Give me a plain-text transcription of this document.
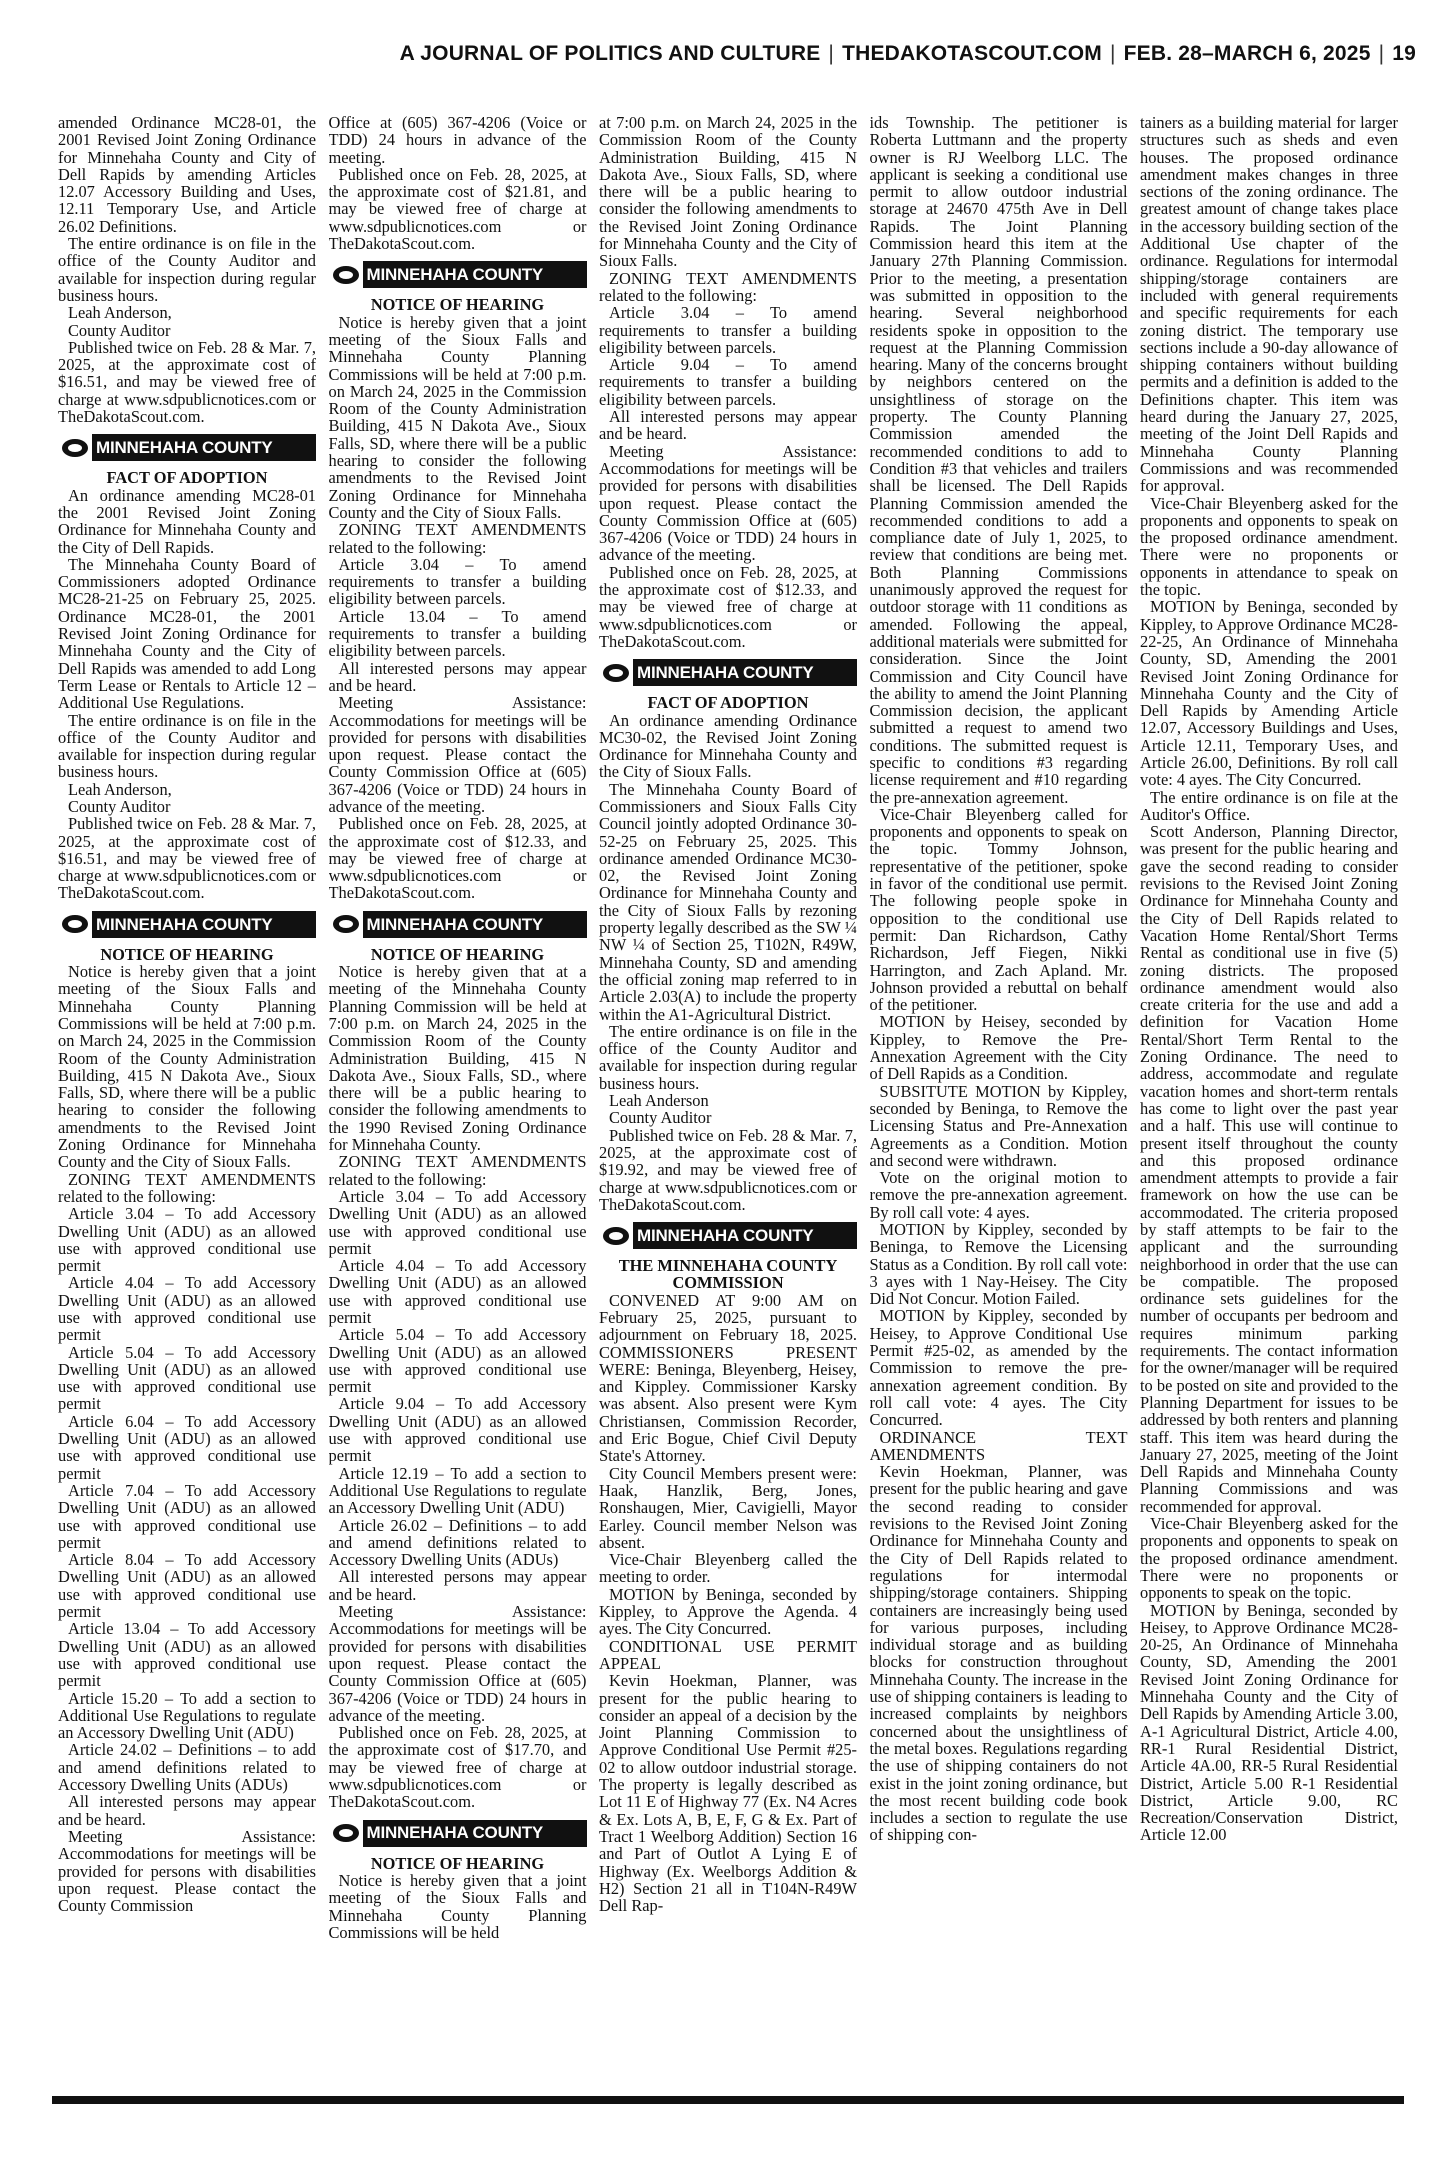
A JOURNAL OF POLITICS AND CULTURE | THEDAKOTASCOUT.COM | FEB. 28–MARCH 6, 2025 | 19

amended Ordinance MC28-01, the 2001 Revised Joint Zoning Ordinance for Minnehaha County and City of Dell Rapids by amending Articles 12.07 Accessory Building and Uses, 12.11 Temporary Use, and Article 26.02 Definitions.

The entire ordinance is on file in the office of the County Auditor and available for inspection during regular business hours.

Leah Anderson,

County Auditor

Published twice on Feb. 28 & Mar. 7, 2025, at the approximate cost of $16.51, and may be viewed free of charge at www.sdpublicnotices.com or TheDakotaScout.com.

MINNEHAHA COUNTY

FACT OF ADOPTION

An ordinance amending MC28-01 the 2001 Revised Joint Zoning Ordinance for Minnehaha County and the City of Dell Rapids.

The Minnehaha County Board of Commissioners adopted Ordinance MC28-21-25 on February 25, 2025. Ordinance MC28-01, the 2001 Revised Joint Zoning Ordinance for Minnehaha County and the City of Dell Rapids was amended to add Long Term Lease or Rentals to Article 12 – Additional Use Regulations.

The entire ordinance is on file in the office of the County Auditor and available for inspection during regular business hours.

Leah Anderson,

County Auditor

Published twice on Feb. 28 & Mar. 7, 2025, at the approximate cost of $16.51, and may be viewed free of charge at www.sdpublicnotices.com or TheDakotaScout.com.

MINNEHAHA COUNTY

NOTICE OF HEARING

Notice is hereby given that a joint meeting of the Sioux Falls and Minnehaha County Planning Commissions will be held at 7:00 p.m. on March 24, 2025 in the Commission Room of the County Administration Building, 415 N Dakota Ave., Sioux Falls, SD, where there will be a public hearing to consider the following amendments to the Revised Joint Zoning Ordinance for Minnehaha County and the City of Sioux Falls.

ZONING TEXT AMENDMENTS related to the following:

Article 3.04 – To add Accessory Dwelling Unit (ADU) as an allowed use with approved conditional use permit

Article 4.04 – To add Accessory Dwelling Unit (ADU) as an allowed use with approved conditional use permit

Article 5.04 – To add Accessory Dwelling Unit (ADU) as an allowed use with approved conditional use permit

Article 6.04 – To add Accessory Dwelling Unit (ADU) as an allowed use with approved conditional use permit

Article 7.04 – To add Accessory Dwelling Unit (ADU) as an allowed use with approved conditional use permit

Article 8.04 – To add Accessory Dwelling Unit (ADU) as an allowed use with approved conditional use permit

Article 13.04 – To add Accessory Dwelling Unit (ADU) as an allowed use with approved conditional use permit

Article 15.20 – To add a section to Additional Use Regulations to regulate an Accessory Dwelling Unit (ADU)

Article 24.02 – Definitions – to add and amend definitions related to Accessory Dwelling Units (ADUs)

All interested persons may appear and be heard.

Meeting Assistance: Accommodations for meetings will be provided for persons with disabilities upon request. Please contact the County Commission

Office at (605) 367-4206 (Voice or TDD) 24 hours in advance of the meeting.

Published once on Feb. 28, 2025, at the approximate cost of $21.81, and may be viewed free of charge at www.sdpublicnotices.com or TheDakotaScout.com.

MINNEHAHA COUNTY

NOTICE OF HEARING

Notice is hereby given that a joint meeting of the Sioux Falls and Minnehaha County Planning Commissions will be held at 7:00 p.m. on March 24, 2025 in the Commission Room of the County Administration Building, 415 N Dakota Ave., Sioux Falls, SD, where there will be a public hearing to consider the following amendments to the Revised Joint Zoning Ordinance for Minnehaha County and the City of Sioux Falls.

ZONING TEXT AMENDMENTS related to the following:

Article 3.04 – To amend requirements to transfer a building eligibility between parcels.

Article 13.04 – To amend requirements to transfer a building eligibility between parcels.

All interested persons may appear and be heard.

Meeting Assistance: Accommodations for meetings will be provided for persons with disabilities upon request. Please contact the County Commission Office at (605) 367-4206 (Voice or TDD) 24 hours in advance of the meeting.

Published once on Feb. 28, 2025, at the approximate cost of $12.33, and may be viewed free of charge at www.sdpublicnotices.com or TheDakotaScout.com.

MINNEHAHA COUNTY

NOTICE OF HEARING

Notice is hereby given that at a meeting of the Minnehaha County Planning Commission will be held at 7:00 p.m. on March 24, 2025 in the Commission Room of the County Administration Building, 415 N Dakota Ave., Sioux Falls, SD., where there will be a public hearing to consider the following amendments to the 1990 Revised Zoning Ordinance for Minnehaha County.

ZONING TEXT AMENDMENTS related to the following:

Article 3.04 – To add Accessory Dwelling Unit (ADU) as an allowed use with approved conditional use permit

Article 4.04 – To add Accessory Dwelling Unit (ADU) as an allowed use with approved conditional use permit

Article 5.04 – To add Accessory Dwelling Unit (ADU) as an allowed use with approved conditional use permit

Article 9.04 – To add Accessory Dwelling Unit (ADU) as an allowed use with approved conditional use permit

Article 12.19 – To add a section to Additional Use Regulations to regulate an Accessory Dwelling Unit (ADU)

Article 26.02 – Definitions – to add and amend definitions related to Accessory Dwelling Units (ADUs)

All interested persons may appear and be heard.

Meeting Assistance: Accommodations for meetings will be provided for persons with disabilities upon request. Please contact the County Commission Office at (605) 367-4206 (Voice or TDD) 24 hours in advance of the meeting.

Published once on Feb. 28, 2025, at the approximate cost of $17.70, and may be viewed free of charge at www.sdpublicnotices.com or TheDakotaScout.com.

MINNEHAHA COUNTY

NOTICE OF HEARING

Notice is hereby given that a joint meeting of the Sioux Falls and Minnehaha County Planning Commissions will be held

at 7:00 p.m. on March 24, 2025 in the Commission Room of the County Administration Building, 415 N Dakota Ave., Sioux Falls, SD, where there will be a public hearing to consider the following amendments to the Revised Joint Zoning Ordinance for Minnehaha County and the City of Sioux Falls.

ZONING TEXT AMENDMENTS related to the following:

Article 3.04 – To amend requirements to transfer a building eligibility between parcels.

Article 9.04 – To amend requirements to transfer a building eligibility between parcels.

All interested persons may appear and be heard.

Meeting Assistance: Accommodations for meetings will be provided for persons with disabilities upon request. Please contact the County Commission Office at (605) 367-4206 (Voice or TDD) 24 hours in advance of the meeting.

Published once on Feb. 28, 2025, at the approximate cost of $12.33, and may be viewed free of charge at www.sdpublicnotices.com or TheDakotaScout.com.

MINNEHAHA COUNTY

FACT OF ADOPTION

An ordinance amending Ordinance MC30-02, the Revised Joint Zoning Ordinance for Minnehaha County and the City of Sioux Falls.

The Minnehaha County Board of Commissioners and Sioux Falls City Council jointly adopted Ordinance 30-52-25 on February 25, 2025. This ordinance amended Ordinance MC30-02, the Revised Joint Zoning Ordinance for Minnehaha County and the City of Sioux Falls by rezoning property legally described as the SW ¼ NW ¼ of Section 25, T102N, R49W, Minnehaha County, SD and amending the official zoning map referred to in Article 2.03(A) to include the property within the A1-Agricultural District.

The entire ordinance is on file in the office of the County Auditor and available for inspection during regular business hours.

Leah Anderson

County Auditor

Published twice on Feb. 28 & Mar. 7, 2025, at the approximate cost of $19.92, and may be viewed free of charge at www.sdpublicnotices.com or TheDakotaScout.com.

MINNEHAHA COUNTY

THE MINNEHAHA COUNTY COMMISSION

CONVENED AT 9:00 AM on February 25, 2025, pursuant to adjournment on February 18, 2025. COMMISSIONERS PRESENT WERE: Beninga, Bleyenberg, Heisey, and Kippley. Commissioner Karsky was absent. Also present were Kym Christiansen, Commission Recorder, and Eric Bogue, Chief Civil Deputy State's Attorney.

City Council Members present were: Haak, Hanzlik, Berg, Jones, Ronshaugen, Mier, Cavigielli, Mayor Earley. Council member Nelson was absent.

Vice-Chair Bleyenberg called the meeting to order.

MOTION by Beninga, seconded by Kippley, to Approve the Agenda. 4 ayes. The City Concurred.

CONDITIONAL USE PERMIT APPEAL

Kevin Hoekman, Planner, was present for the public hearing to consider an appeal of a decision by the Joint Planning Commission to Approve Conditional Use Permit #25-02 to allow outdoor industrial storage. The property is legally described as Lot 11 E of Highway 77 (Ex. N4 Acres & Ex. Lots A, B, E, F, G & Ex. Part of Tract 1 Weelborg Addition) Section 16 and Part of Outlot A Lying E of Highway (Ex. Weelborgs Addition & H2) Section 21 all in T104N-R49W Dell Rap-

ids Township. The petitioner is Roberta Luttmann and the property owner is RJ Weelborg LLC. The applicant is seeking a conditional use permit to allow outdoor industrial storage at 24670 475th Ave in Dell Rapids. The Joint Planning Commission heard this item at the January 27th Planning Commission. Prior to the meeting, a presentation was submitted in opposition to the hearing. Several neighborhood residents spoke in opposition to the request at the Planning Commission hearing. Many of the concerns brought by neighbors centered on the unsightliness of storage on the property. The County Planning Commission amended the recommended conditions to add to Condition #3 that vehicles and trailers shall be licensed. The Dell Rapids Planning Commission amended the recommended conditions to add a compliance date of July 1, 2025, to review that conditions are being met. Both Planning Commissions unanimously approved the request for outdoor storage with 11 conditions as amended. Following the appeal, additional materials were submitted for consideration. Since the Joint Commission and City Council have the ability to amend the Joint Planning Commission decision, the applicant submitted a request to amend two conditions. The submitted request is specific to conditions #3 regarding license requirement and #10 regarding the pre-annexation agreement.

Vice-Chair Bleyenberg called for proponents and opponents to speak on the topic. Tommy Johnson, representative of the petitioner, spoke in favor of the conditional use permit. The following people spoke in opposition to the conditional use permit: Dan Richardson, Cathy Richardson, Jeff Fiegen, Nikki Harrington, and Zach Apland. Mr. Johnson provided a rebuttal on behalf of the petitioner.

MOTION by Heisey, seconded by Kippley, to Remove the Pre-Annexation Agreement with the City of Dell Rapids as a Condition.

SUBSITUTE MOTION by Kippley, seconded by Beninga, to Remove the Licensing Status and Pre-Annexation Agreements as a Condition. Motion and second were withdrawn.

Vote on the original motion to remove the pre-annexation agreement. By roll call vote: 4 ayes.

MOTION by Kippley, seconded by Beninga, to Remove the Licensing Status as a Condition. By roll call vote: 3 ayes with 1 Nay-Heisey. The City Did Not Concur. Motion Failed.

MOTION by Kippley, seconded by Heisey, to Approve Conditional Use Permit #25-02, as amended by the Commission to remove the pre-annexation agreement condition. By roll call vote: 4 ayes. The City Concurred.

ORDINANCE TEXT AMENDMENTS

Kevin Hoekman, Planner, was present for the public hearing and gave the second reading to consider revisions to the Revised Joint Zoning Ordinance for Minnehaha County and the City of Dell Rapids related to regulations for intermodal shipping/storage containers. Shipping containers are increasingly being used for various purposes, including individual storage and as building blocks for construction throughout Minnehaha County. The increase in the use of shipping containers is leading to increased complaints by neighbors concerned about the unsightliness of the metal boxes. Regulations regarding the use of shipping containers do not exist in the joint zoning ordinance, but the most recent building code book includes a section to regulate the use of shipping con-

tainers as a building material for larger structures such as sheds and even houses. The proposed ordinance amendment makes changes in three sections of the zoning ordinance. The greatest amount of change takes place in the accessory building section of the Additional Use chapter of the ordinance. Regulations for intermodal shipping/storage containers are included with general requirements and specific requirements for each zoning district. The temporary use sections include a 90-day allowance of shipping containers without building permits and a definition is added to the Definitions chapter. This item was heard during the January 27, 2025, meeting of the Joint Dell Rapids and Minnehaha County Planning Commissions and was recommended for approval.

Vice-Chair Bleyenberg asked for the proponents and opponents to speak on the proposed ordinance amendment. There were no proponents or opponents in attendance to speak on the topic.

MOTION by Beninga, seconded by Kippley, to Approve Ordinance MC28-22-25, An Ordinance of Minnehaha County, SD, Amending the 2001 Revised Joint Zoning Ordinance for Minnehaha County and the City of Dell Rapids by Amending Article 12.07, Accessory Buildings and Uses, Article 12.11, Temporary Uses, and Article 26.00, Definitions. By roll call vote: 4 ayes. The City Concurred.

The entire ordinance is on file at the Auditor's Office.

Scott Anderson, Planning Director, was present for the public hearing and gave the second reading to consider revisions to the Revised Joint Zoning Ordinance for Minnehaha County and the City of Dell Rapids related to Vacation Home Rental/Short Terms Rental as conditional use in five (5) zoning districts. The proposed ordinance amendment would also create criteria for the use and add a definition for Vacation Home Rental/Short Term Rental to the Zoning Ordinance. The need to address, accommodate and regulate vacation homes and short-term rentals has come to light over the past year and a half. This use will continue to present itself throughout the county and this proposed ordinance amendment attempts to provide a fair framework on how the use can be accommodated. The criteria proposed by staff attempts to be fair to the applicant and the surrounding neighborhood in order that the use can be compatible. The proposed ordinance sets guidelines for the number of occupants per bedroom and requires minimum parking requirements. The contact information for the owner/manager will be required to be posted on site and provided to the Planning Department for issues to be addressed by both renters and planning staff. This item was heard during the January 27, 2025, meeting of the Joint Dell Rapids and Minnehaha County Planning Commissions and was recommended for approval.

Vice-Chair Bleyenberg asked for the proponents and opponents to speak on the proposed ordinance amendment. There were no proponents or opponents to speak on the topic.

MOTION by Beninga, seconded by Heisey, to Approve Ordinance MC28-20-25, An Ordinance of Minnehaha County, SD, Amending the 2001 Revised Joint Zoning Ordinance for Minnehaha County and the City of Dell Rapids by Amending Article 3.00, A-1 Agricultural District, Article 4.00, RR-1 Rural Residential District, Article 4A.00, RR-5 Rural Residential District, Article 5.00 R-1 Residential District, Article 9.00, RC Recreation/Conservation District, Article 12.00
